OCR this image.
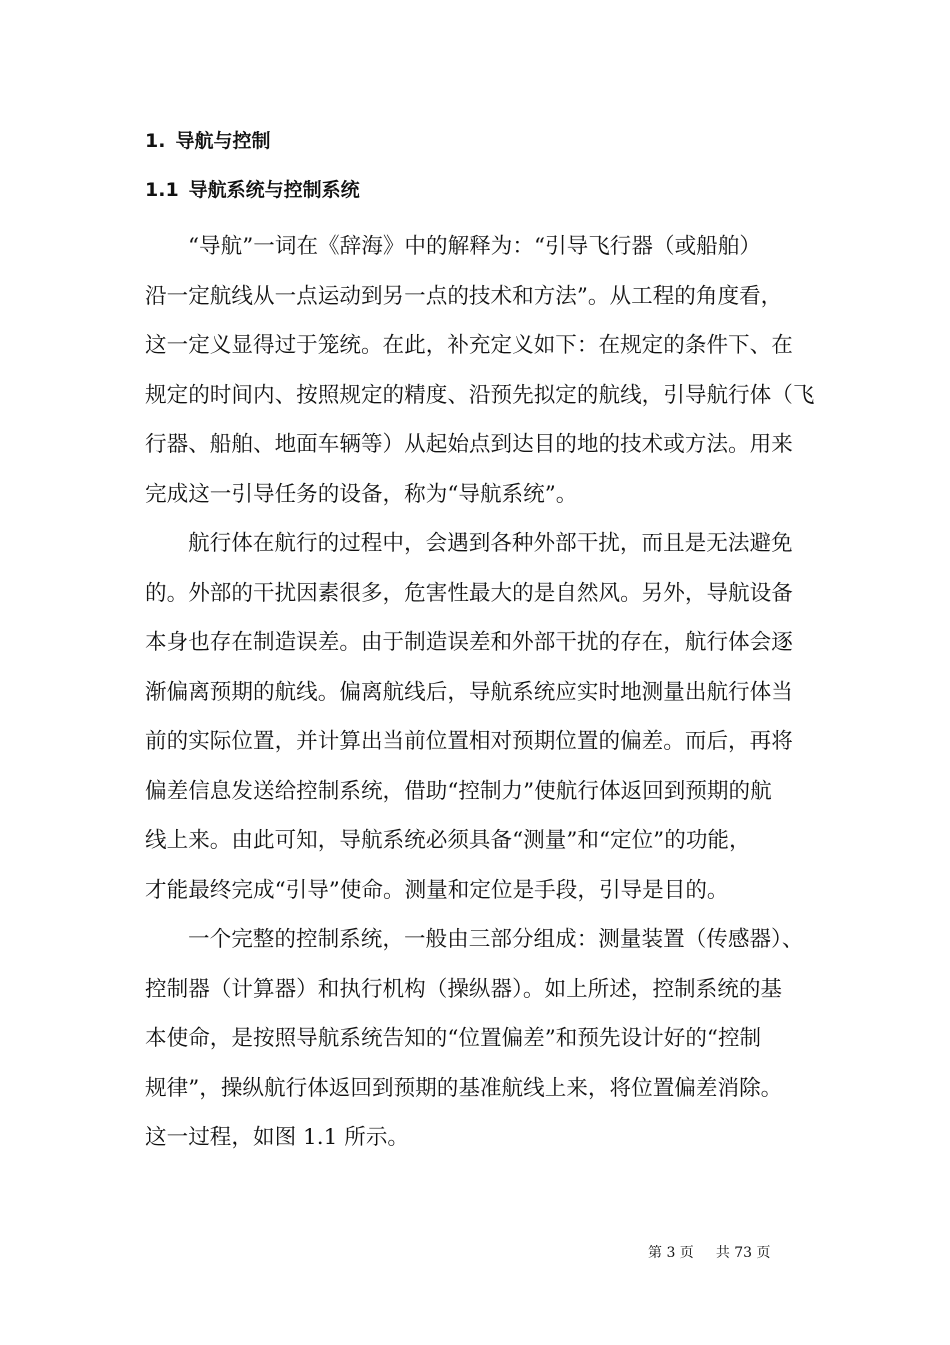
1. 导航与控制
1.1 导航系统与控制系统

“导航”一词在《辞海》中的解释为：“引导飞行器（或船舶）
沿一定航线从一点运动到另一点的技术和方法”。从工程的角度看，
这一定义显得过于笼统。在此，补充定义如下：在规定的条件下、在
规定的时间内、按照规定的精度、沿预先拟定的航线，引导航行体（飞
行器、船舶、地面车辆等）从起始点到达目的地的技术或方法。用来
完成这一引导任务的设备，称为“导航系统”。

航行体在航行的过程中，会遇到各种外部干扰，而且是无法避免
的。外部的干扰因素很多，危害性最大的是自然风。另外，导航设备
本身也存在制造误差。由于制造误差和外部干扰的存在，航行体会逐
渐偏离预期的航线。偏离航线后，导航系统应实时地测量出航行体当
前的实际位置，并计算出当前位置相对预期位置的偏差。而后，再将
偏差信息发送给控制系统，借助“控制力”使航行体返回到预期的航
线上来。由此可知，导航系统必须具备“测量”和“定位”的功能，
才能最终完成“引导”使命。测量和定位是手段，引导是目的。

一个完整的控制系统，一般由三部分组成：测量装置（传感器）、
控制器（计算器）和执行机构（操纵器）。如上所述，控制系统的基
本使命，是按照导航系统告知的“位置偏差”和预先设计好的“控制
规律”，操纵航行体返回到预期的基准航线上来，将位置偏差消除。
这一过程，如图 1.1 所示。

第 3 页 共 73 页
